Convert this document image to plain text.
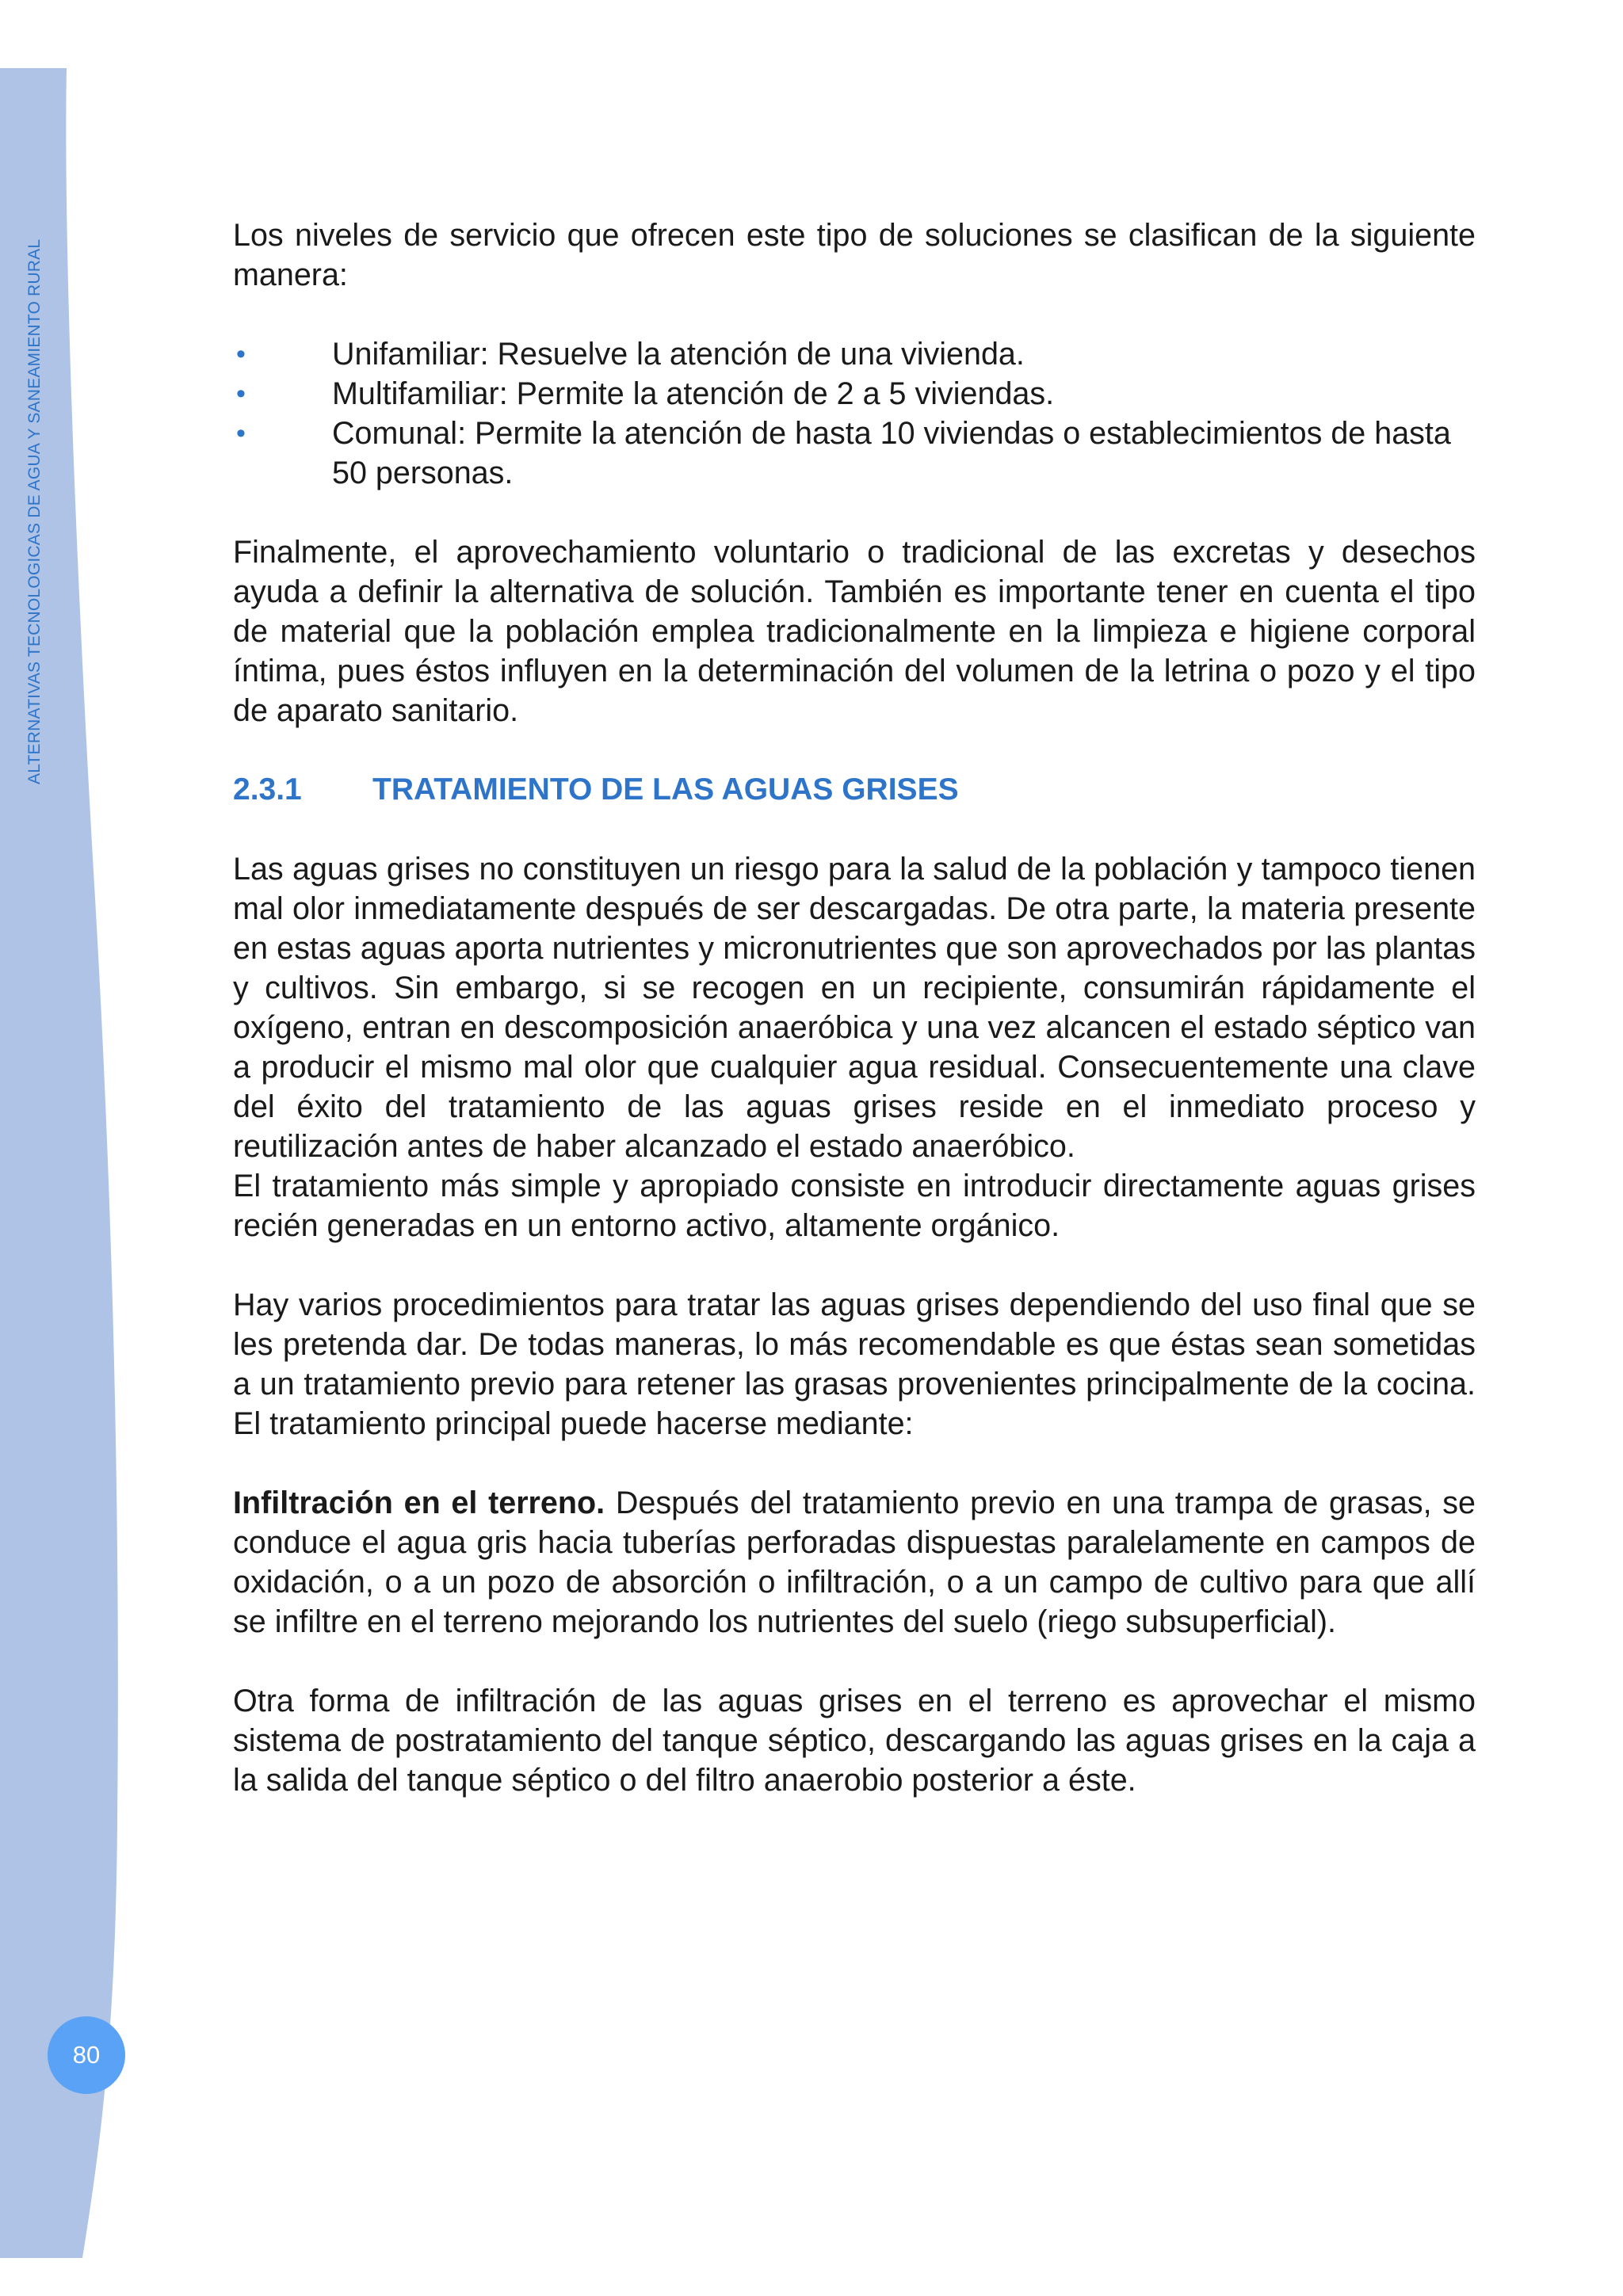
ALTERNATIVAS TECNOLOGICAS DE AGUA Y SANEAMIENTO RURAL
80

Los niveles de servicio que ofrecen este tipo de soluciones se clasifican de la siguiente manera:

•	Unifamiliar: Resuelve la atención de una vivienda.
•	Multifamiliar: Permite la atención de 2 a 5 viviendas.
•	Comunal: Permite la atención de hasta 10 viviendas o establecimientos de hasta 50 personas.

Finalmente, el aprovechamiento voluntario o tradicional de las excretas y desechos ayuda a definir la alternativa de solución. También es importante tener en cuenta el tipo de material que la población emplea tradicionalmente en la limpieza e higiene corporal íntima, pues éstos influyen en la determinación del volumen de la letrina o pozo y el tipo de aparato sanitario.

2.3.1	TRATAMIENTO DE LAS AGUAS GRISES

Las aguas grises no constituyen un riesgo para la salud de la población y tampoco tienen mal olor inmediatamente después de ser descargadas. De otra parte, la materia presente en estas aguas aporta nutrientes y micronutrientes que son aprovechados por las plantas y cultivos. Sin embargo, si se recogen en un recipiente, consumirán rápidamente el oxígeno, entran en descomposición anaeróbica y una vez alcancen el estado séptico van a producir el mismo mal olor que cualquier agua residual. Consecuentemente una clave del éxito del tratamiento de las aguas grises reside en el inmediato proceso y reutilización antes de haber alcanzado el estado anaeróbico.

El tratamiento más simple y apropiado consiste en introducir directamente aguas grises recién generadas en un entorno activo, altamente orgánico.

Hay varios procedimientos para tratar las aguas grises dependiendo del uso final que se les pretenda dar. De todas maneras, lo más recomendable es que éstas sean sometidas a un tratamiento previo para retener las grasas provenientes principalmente de la cocina. El tratamiento principal puede hacerse mediante:

Infiltración en el terreno. Después del tratamiento previo en una trampa de grasas, se conduce el agua gris hacia tuberías perforadas dispuestas paralelamente en campos de oxidación, o a un pozo de absorción o infiltración, o a un campo de cultivo para que allí se infiltre en el terreno mejorando los nutrientes del suelo (riego subsuperficial).

Otra forma de infiltración de las aguas grises en el terreno es aprovechar el mismo sistema de postratamiento del tanque séptico, descargando las aguas grises en la caja a la salida del tanque séptico o del filtro anaerobio posterior a éste.
